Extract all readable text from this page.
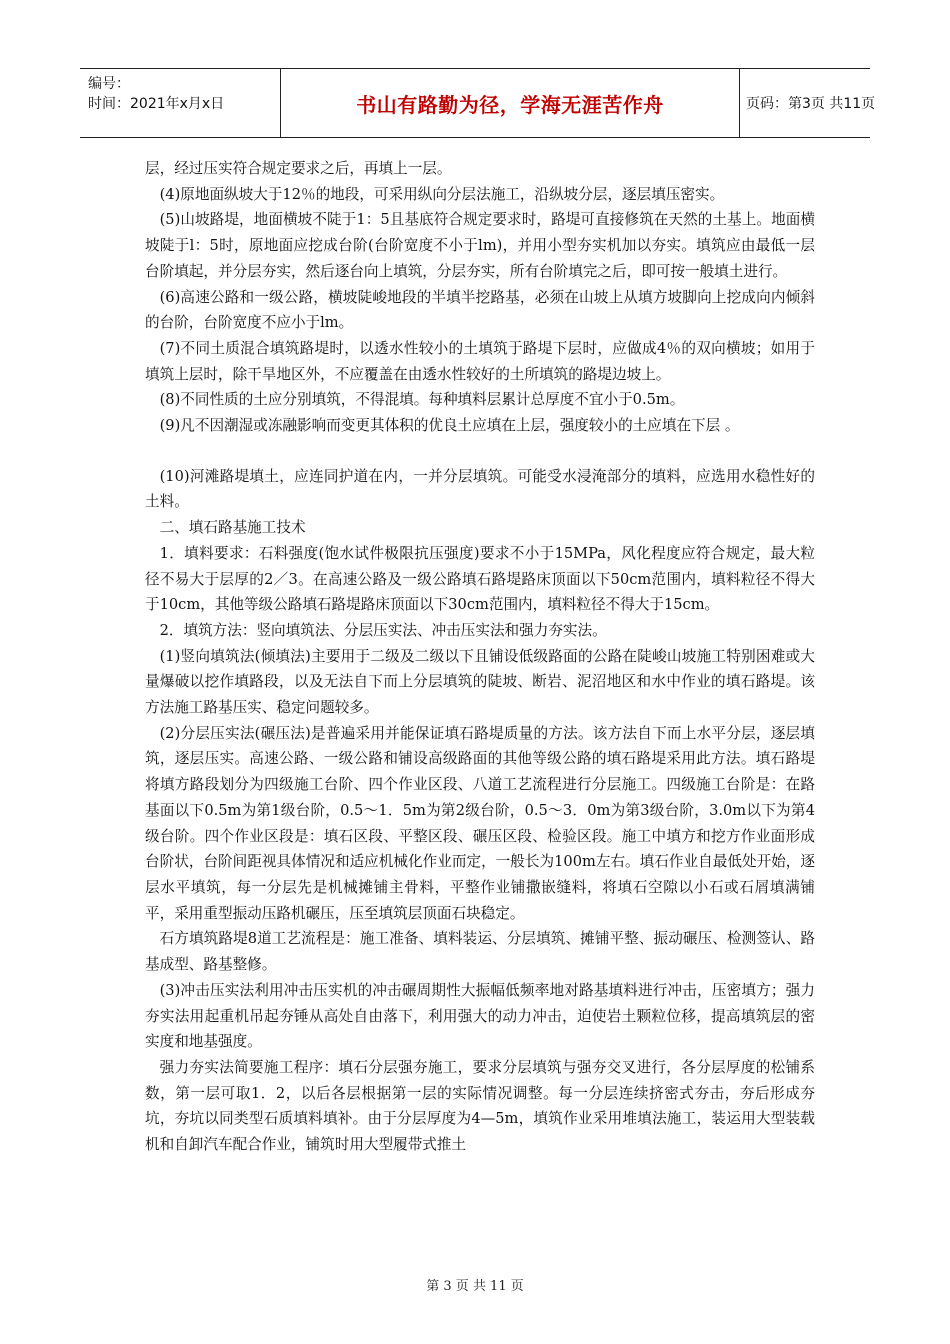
编号：
时间：2021年x月x日	书山有路勤为径，学海无涯苦作舟	页码：第3页 共11页

层，经过压实符合规定要求之后，再填上一层。

(4)原地面纵坡大于12％的地段，可采用纵向分层法施工，沿纵坡分层，逐层填压密实。

(5)山坡路堤，地面横坡不陡于1：5且基底符合规定要求时，路堤可直接修筑在天然的土基上。地面横坡陡于l：5时，原地面应挖成台阶(台阶宽度不小于lm)，并用小型夯实机加以夯实。填筑应由最低一层台阶填起，并分层夯实，然后逐台向上填筑，分层夯实，所有台阶填完之后，即可按一般填土进行。

(6)高速公路和一级公路，横坡陡峻地段的半填半挖路基，必须在山坡上从填方坡脚向上挖成向内倾斜的台阶，台阶宽度不应小于lm。

(7)不同土质混合填筑路堤时，以透水性较小的土填筑于路堤下层时，应做成4％的双向横坡；如用于填筑上层时，除干旱地区外，不应覆盖在由透水性较好的土所填筑的路堤边坡上。

(8)不同性质的土应分别填筑，不得混填。每种填料层累计总厚度不宜小于0.5m。

(9)凡不因潮湿或冻融影响而变更其体积的优良土应填在上层，强度较小的土应填在下层 。

(10)河滩路堤填土，应连同护道在内，一并分层填筑。可能受水浸淹部分的填料，应选用水稳性好的土料。

二、填石路基施工技术

1．填料要求：石料强度(饱水试件极限抗压强度)要求不小于15MPa，风化程度应符合规定，最大粒径不易大于层厚的2／3。在高速公路及一级公路填石路堤路床顶面以下50cm范围内，填料粒径不得大于10cm，其他等级公路填石路堤路床顶面以下30cm范围内，填料粒径不得大于15cm。

2．填筑方法：竖向填筑法、分层压实法、冲击压实法和强力夯实法。

(1)竖向填筑法(倾填法)主要用于二级及二级以下且铺设低级路面的公路在陡峻山坡施工特别困难或大量爆破以挖作填路段，以及无法自下而上分层填筑的陡坡、断岩、泥沼地区和水中作业的填石路堤。该方法施工路基压实、稳定问题较多。

(2)分层压实法(碾压法)是普遍采用并能保证填石路堤质量的方法。该方法自下而上水平分层，逐层填筑，逐层压实。高速公路、一级公路和铺设高级路面的其他等级公路的填石路堤采用此方法。填石路堤将填方路段划分为四级施工台阶、四个作业区段、八道工艺流程进行分层施工。四级施工台阶是：在路基面以下0.5m为第1级台阶，0.5～1．5m为第2级台阶，0.5～3．0m为第3级台阶，3.0m以下为第4级台阶。四个作业区段是：填石区段、平整区段、碾压区段、检验区段。施工中填方和挖方作业面形成台阶状，台阶间距视具体情况和适应机械化作业而定，一般长为100m左右。填石作业自最低处开始，逐层水平填筑，每一分层先是机械摊铺主骨料，平整作业铺撒嵌缝料，将填石空隙以小石或石屑填满铺平，采用重型振动压路机碾压，压至填筑层顶面石块稳定。

石方填筑路堤8道工艺流程是：施工准备、填料装运、分层填筑、摊铺平整、振动碾压、检测签认、路基成型、路基整修。

(3)冲击压实法利用冲击压实机的冲击碾周期性大振幅低频率地对路基填料进行冲击，压密填方；强力夯实法用起重机吊起夯锤从高处自由落下，利用强大的动力冲击，迫使岩土颗粒位移，提高填筑层的密实度和地基强度。

强力夯实法简要施工程序：填石分层强夯施工，要求分层填筑与强夯交叉进行，各分层厚度的松铺系数，第一层可取1．2，以后各层根据第一层的实际情况调整。每一分层连续挤密式夯击，夯后形成夯坑，夯坑以同类型石质填料填补。由于分层厚度为4—5m，填筑作业采用堆填法施工，装运用大型装载机和自卸汽车配合作业，铺筑时用大型履带式推土

第 3 页 共 11 页
